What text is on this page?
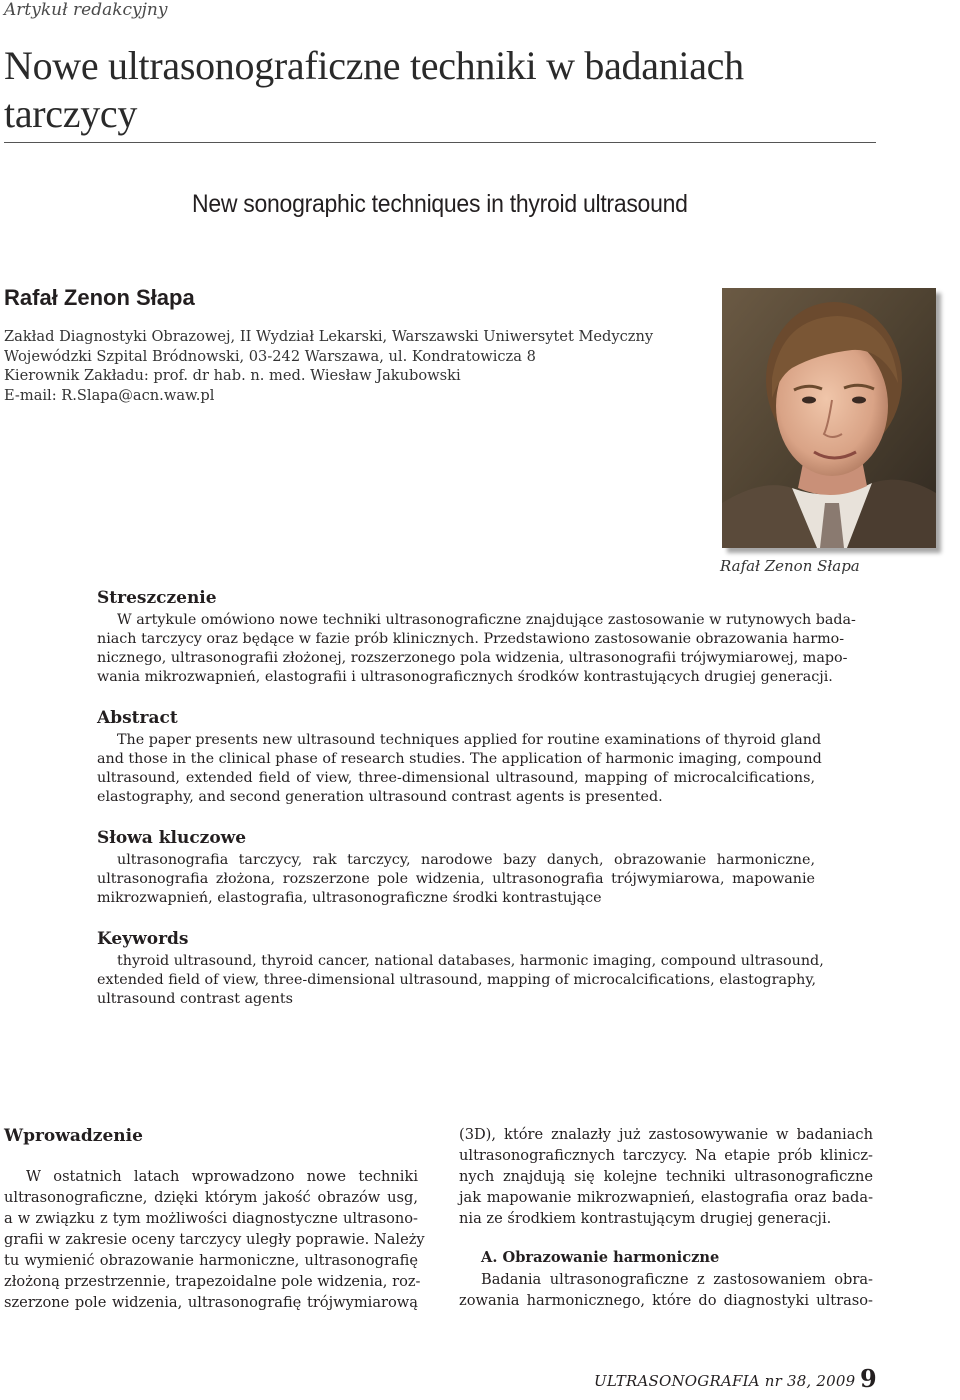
Artykuł redakcyjny
Nowe ultrasonograficzne techniki w badaniach
tarczycy
New sonographic techniques in thyroid ultrasound
Rafał Zenon Słapa
Zakład Diagnostyki Obrazowej, II Wydział Lekarski, Warszawski Uniwersytet Medyczny
Wojewódzki Szpital Bródnowski, 03-242 Warszawa, ul. Kondratowicza 8
Kierownik Zakładu: prof. dr hab. n. med. Wiesław Jakubowski
E-mail: R.Slapa@acn.waw.pl
Rafał Zenon Słapa
Streszczenie
W artykule omówiono nowe techniki ultrasonograficzne znajdujące zastosowanie w rutynowych bada-
niach tarczycy oraz będące w fazie prób klinicznych. Przedstawiono zastosowanie obrazowania harmo-
nicznego, ultrasonografii złożonej, rozszerzonego pola widzenia, ultrasonografii trójwymiarowej, mapo-
wania mikrozwapnień, elastografii i ultrasonograficznych środków kontrastujących drugiej generacji.
Abstract
The paper presents new ultrasound techniques applied for routine examinations of thyroid gland
and those in the clinical phase of research studies. The application of harmonic imaging, compound
ultrasound, extended field of view, three-dimensional ultrasound, mapping of microcalcifications,
elastography, and second generation ultrasound contrast agents is presented.
Słowa kluczowe
ultrasonografia tarczycy, rak tarczycy, narodowe bazy danych, obrazowanie harmoniczne,
ultrasonografia złożona, rozszerzone pole widzenia, ultrasonografia trójwymiarowa, mapowanie
mikrozwapnień, elastografia, ultrasonograficzne środki kontrastujące
Keywords
thyroid ultrasound, thyroid cancer, national databases, harmonic imaging, compound ultrasound,
extended field of view, three-dimensional ultrasound, mapping of microcalcifications, elastography,
ultrasound contrast agents
Wprowadzenie
W ostatnich latach wprowadzono nowe techniki
ultrasonograficzne, dzięki którym jakość obrazów usg,
a w związku z tym możliwości diagnostyczne ultrasono-
grafii w zakresie oceny tarczycy uległy poprawie. Należy
tu wymienić obrazowanie harmoniczne, ultrasonografię
złożoną przestrzennie, trapezoidalne pole widzenia, roz-
szerzone pole widzenia, ultrasonografię trójwymiarową
(3D), które znalazły już zastosowywanie w badaniach
ultrasonograficznych tarczycy. Na etapie prób klinicz-
nych znajdują się kolejne techniki ultrasonograficzne
jak mapowanie mikrozwapnień, elastografia oraz bada-
nia ze środkiem kontrastującym drugiej generacji.
A. Obrazowanie harmoniczne
Badania ultrasonograficzne z zastosowaniem obra-
zowania harmonicznego, które do diagnostyki ultraso-
ULTRASONOGRAFIA nr 38, 2009 9
